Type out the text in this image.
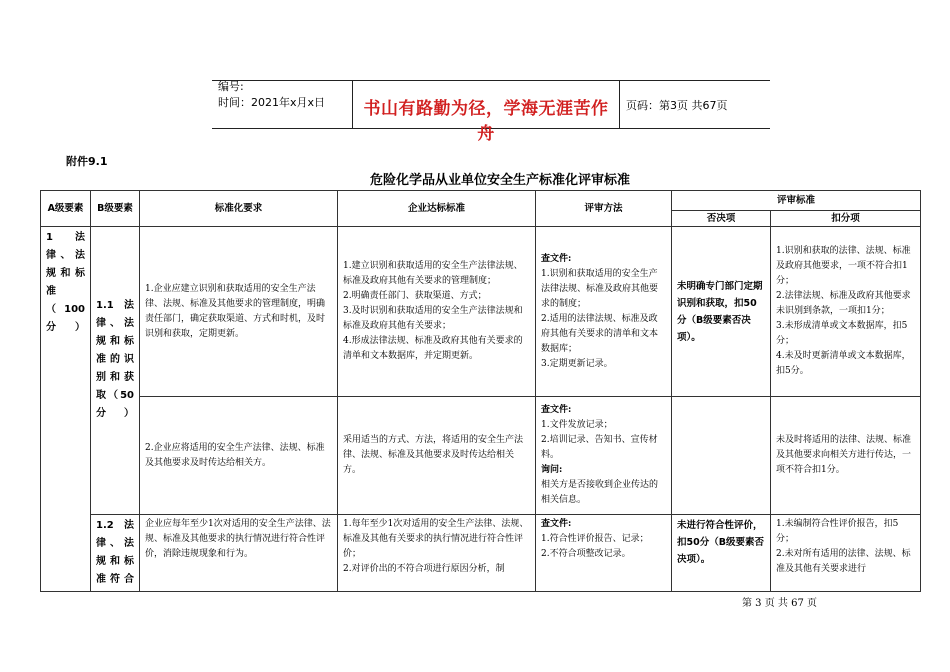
编号:
时间：2021年x月x日	书山有路勤为径，学海无涯苦作舟
页码：第3页 共67页
附件9.1
危险化学品从业单位安全生产标准化评审标准
A级要素	B级要素	标准化要求	企业达标标准	评审方法	评审标准	
					否决项	扣分项

1 法律、法规和标准（100分）	1.1 法律、法规和标准的识别和获取（50分）	1.企业应建立识别和获取适用的安全生产法律、法规、标准及其他要求的管理制度，明确责任部门，确定获取渠道、方式和时机，及时识别和获取，定期更新。	1.建立识别和获取适用的安全生产法律法规、标准及政府其他有关要求的管理制度；
2.明确责任部门、获取渠道、方式；
3.及时识别和获取适用的安全生产法律法规和标准及政府其他有关要求；
4.形成法律法规、标准及政府其他有关要求的清单和文本数据库，并定期更新。	查文件:
1.识别和获取适用的安全生产法律法规、标准及政府其他要求的制度；
2.适用的法律法规、标准及政府其他有关要求的清单和文本数据库；
3.定期更新记录。	未明确专门部门定期识别和获取，扣50分（B级要素否决项）。	1.识别和获取的法律、法规、标准及政府其他要求，一项不符合扣1分；
2.法律法规、标准及政府其他要求未识别到条款，一项扣1分；
3.未形成清单或文本数据库，扣5分；
4.未及时更新清单或文本数据库，扣5分。

		2.企业应将适用的安全生产法律、法规、标准及其他要求及时传达给相关方。	采用适当的方式、方法，将适用的安全生产法律、法规、标准及其他要求及时传达给相关方。	查文件:
1.文件发放记录；
2.培训记录、告知书、宣传材料。
询问:
相关方是否接收到企业传达的相关信息。		未及时将适用的法律、法规、标准及其他要求向相关方进行传达，一项不符合扣1分。

	1.2 法律、法规和标准符合	企业应每年至少1次对适用的安全生产法律、法规、标准及其他要求的执行情况进行符合性评价，消除违规现象和行为。	1.每年至少1次对适用的安全生产法律、法规、标准及其他有关要求的执行情况进行符合性评价；
2.对评价出的不符合项进行原因分析，制	查文件:
1.符合性评价报告、记录；
2.不符合项整改记录。	未进行符合性评价，扣50分（B级要素否决项）。	1.未编制符合性评价报告，扣5分；
2.未对所有适用的法律、法规、标准及其他有关要求进行
第 3 页 共 67 页
